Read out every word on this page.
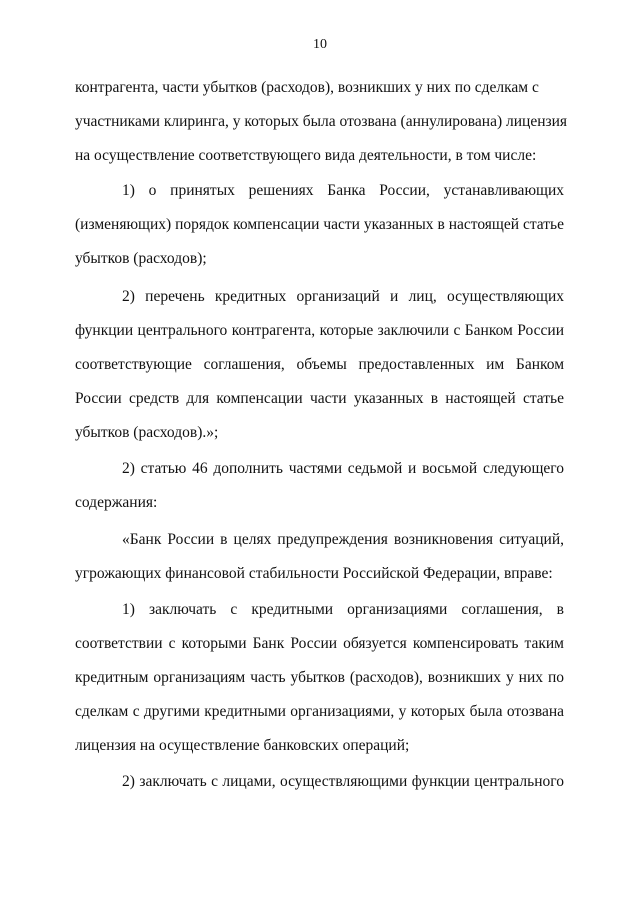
10
контрагента, части убытков (расходов), возникших у них по сделкам с
участниками клиринга, у которых была отозвана (аннулирована) лицензия
на осуществление соответствующего вида деятельности, в том числе:
1) о принятых решениях Банка России, устанавливающих
(изменяющих) порядок компенсации части указанных в настоящей статье
убытков (расходов);
2) перечень кредитных организаций и лиц, осуществляющих
функции центрального контрагента, которые заключили с Банком России
соответствующие соглашения, объемы предоставленных им Банком
России средств для компенсации части указанных в настоящей статье
убытков (расходов).»;
2) статью 46 дополнить частями седьмой и восьмой следующего
содержания:
«Банк России в целях предупреждения возникновения ситуаций,
угрожающих финансовой стабильности Российской Федерации, вправе:
1) заключать с кредитными организациями соглашения, в
соответствии с которыми Банк России обязуется компенсировать таким
кредитным организациям часть убытков (расходов), возникших у них по
сделкам с другими кредитными организациями, у которых была отозвана
лицензия на осуществление банковских операций;
2) заключать с лицами, осуществляющими функции центрального
